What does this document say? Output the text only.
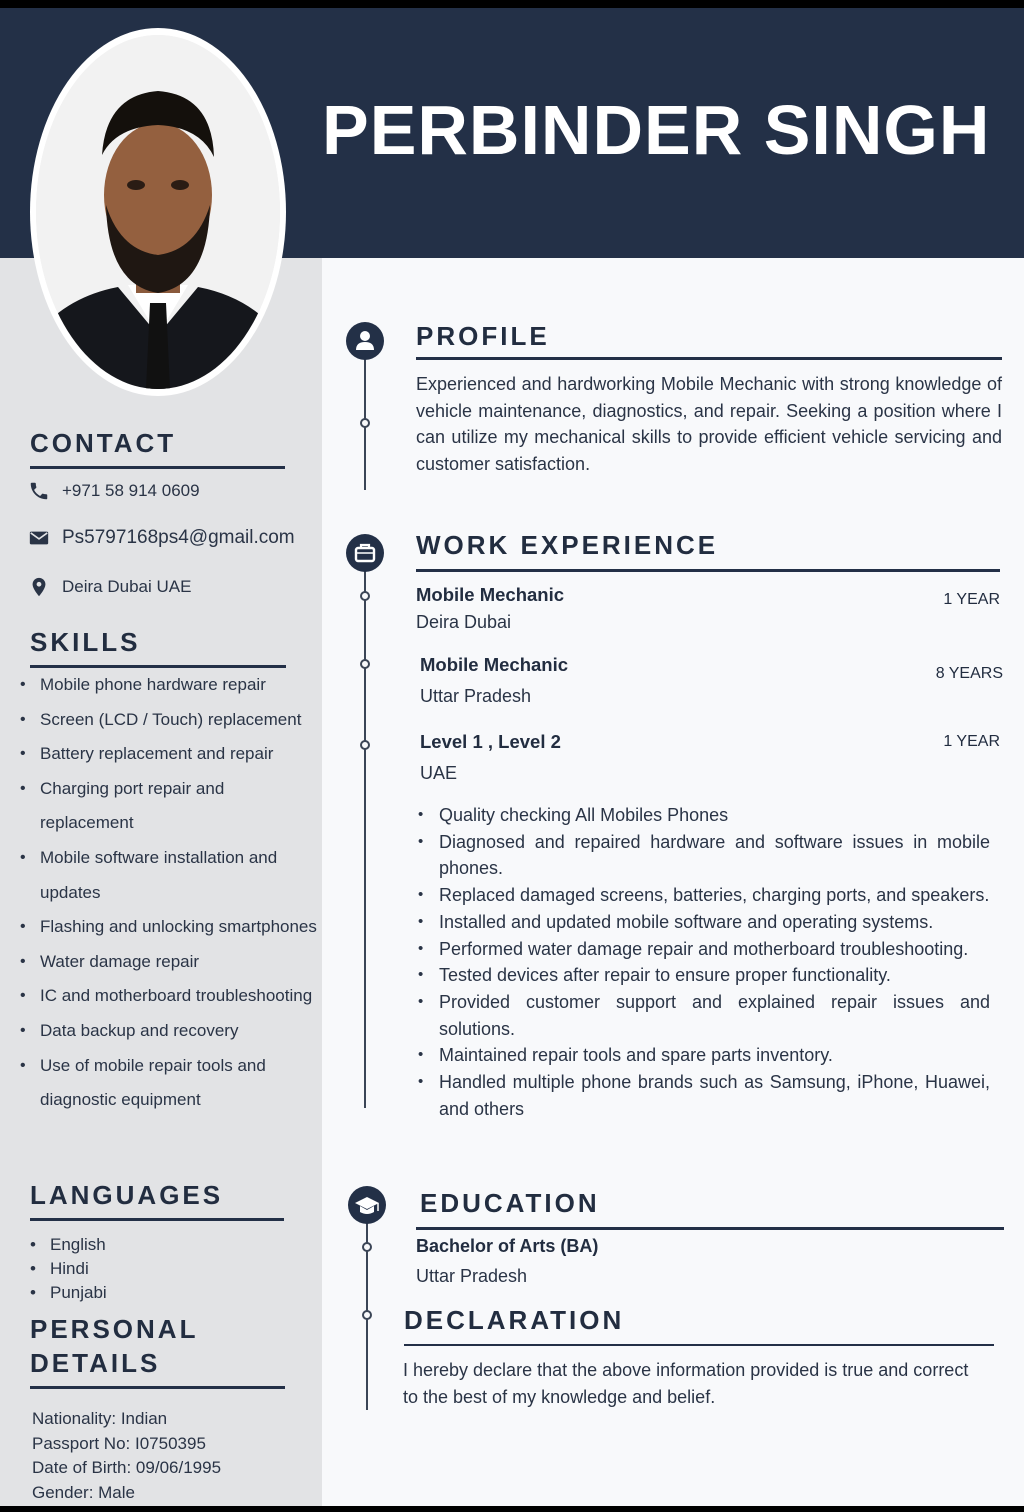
PERBINDER SINGH
CONTACT
+971 58 914 0609
Ps5797168ps4@gmail.com
Deira Dubai UAE
SKILLS
• Mobile phone hardware repair
• Screen (LCD / Touch) replacement
• Battery replacement and repair
• Charging port repair and replacement
• Mobile software installation and updates
• Flashing and unlocking smartphones
• Water damage repair
• IC and motherboard troubleshooting
• Data backup and recovery
• Use of mobile repair tools and diagnostic equipment
LANGUAGES
• English
• Hindi
• Punjabi
PERSONAL
DETAILS
Nationality: Indian
Passport No: I0750395
Date of Birth: 09/06/1995
Gender: Male
PROFILE
Experienced and hardworking Mobile Mechanic with strong knowledge of vehicle maintenance, diagnostics, and repair. Seeking a position where I can utilize my mechanical skills to provide efficient vehicle servicing and customer satisfaction.
WORK EXPERIENCE
Mobile Mechanic	1 YEAR
Deira Dubai
Mobile Mechanic	8 YEARS
Uttar Pradesh
Level 1 , Level 2	1 YEAR
UAE
• Quality checking All Mobiles Phones
• Diagnosed and repaired hardware and software issues in mobile phones.
• Replaced damaged screens, batteries, charging ports, and speakers.
• Installed and updated mobile software and operating systems.
• Performed water damage repair and motherboard troubleshooting.
• Tested devices after repair to ensure proper functionality.
• Provided customer support and explained repair issues and solutions.
• Maintained repair tools and spare parts inventory.
• Handled multiple phone brands such as Samsung, iPhone, Huawei, and others
EDUCATION
Bachelor of Arts (BA)
Uttar Pradesh
DECLARATION
I hereby declare that the above information provided is true and correct to the best of my knowledge and belief.
